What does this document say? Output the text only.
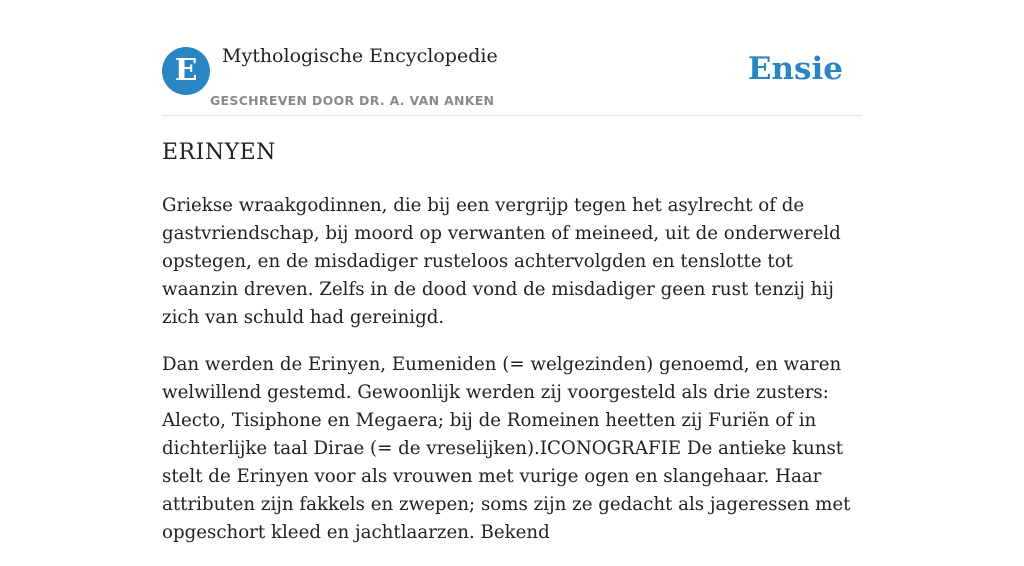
E	Mythologische Encyclopedie
GESCHREVEN DOOR DR. A. VAN ANKEN
Ensie
ERINYEN

Griekse wraakgodinnen, die bij een vergrijp tegen het asylrecht of de gastvriendschap, bij moord op verwanten of meineed, uit de onderwereld opstegen, en de misdadiger rusteloos achtervolgden en tenslotte tot waanzin dreven. Zelfs in de dood vond de misdadiger geen rust tenzij hij zich van schuld had gereinigd.

Dan werden de Erinyen, Eumeniden (= welgezinden) genoemd, en waren welwillend gestemd. Gewoonlijk werden zij voorgesteld als drie zusters: Alecto, Tisiphone en Megaera; bij de Romeinen heetten zij Furiën of in dichterlijke taal Dirae (= de vreselijken).ICONOGRAFIE De antieke kunst stelt de Erinyen voor als vrouwen met vurige ogen en slangehaar. Haar attributen zijn fakkels en zwepen; soms zijn ze gedacht als jageressen met opgeschort kleed en jachtlaarzen. Bekend
